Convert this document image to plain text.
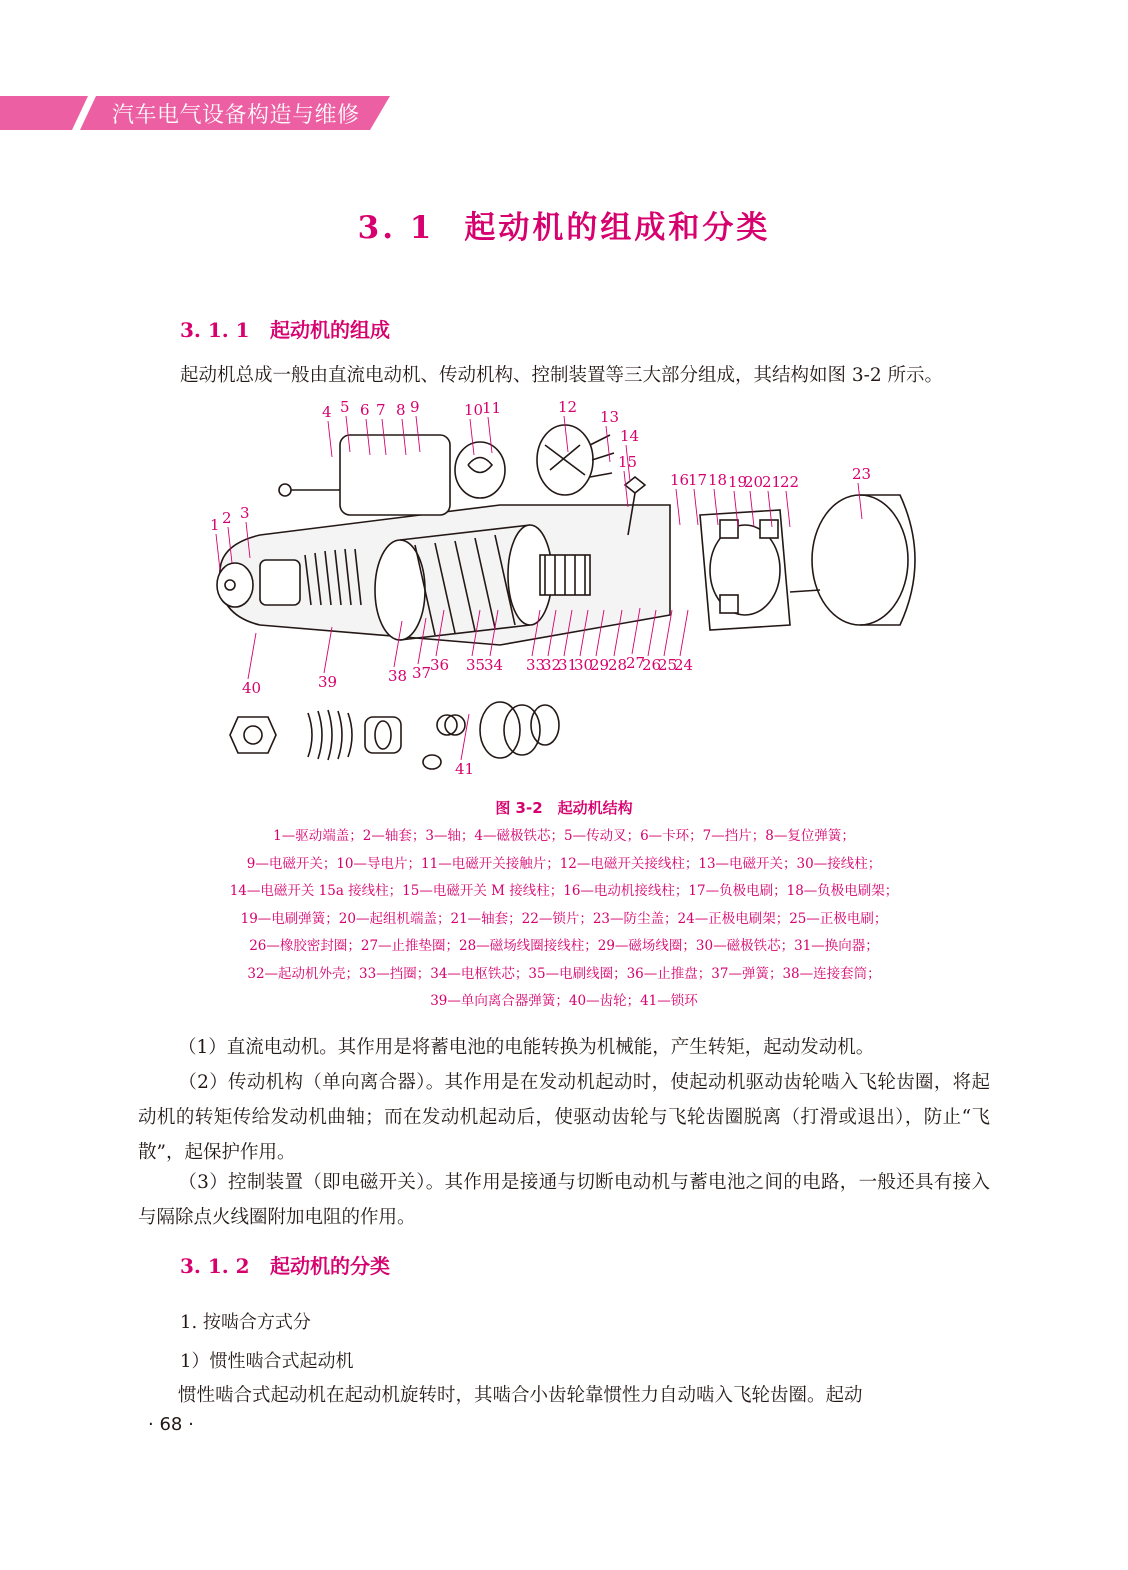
汽车电气设备构造与维修
3. 1 起动机的组成和分类
3. 1. 1 起动机的组成
起动机总成一般由直流电动机、传动机构、控制装置等三大部分组成，其结构如图 3-2 所示。
1 2 3
4 5 6 7 8 9	10
11	12
13
14
15
16
17 18 19
20
21
22	23
24
25
26
27
28
29
30
31
32
33
34
35
36
37
38
39
40
41
图 3-2　起动机结构
1—驱动端盖；2—轴套；3—轴；4—磁极铁芯；5—传动叉；6—卡环；7—挡片；8—复位弹簧；
9—电磁开关；10—导电片；11—电磁开关接触片；12—电磁开关接线柱；13—电磁开关；30—接线柱；
14—电磁开关 15a 接线柱；15—电磁开关 M 接线柱；16—电动机接线柱；17—负极电刷；18—负极电刷架；
19—电刷弹簧；20—起组机端盖；21—轴套；22—锁片；23—防尘盖；24—正极电刷架；25—正极电刷；
26—橡胶密封圈；27—止推垫圈；28—磁场线圈接线柱；29—磁场线圈；30—磁极铁芯；31—换向器；
32—起动机外壳；33—挡圈；34—电枢铁芯；35—电刷线圈；36—止推盘；37—弹簧；38—连接套筒；
39—单向离合器弹簧；40—齿轮；41—锁环
（1）直流电动机。其作用是将蓄电池的电能转换为机械能，产生转矩，起动发动机。
（2）传动机构（单向离合器）。其作用是在发动机起动时，使起动机驱动齿轮啮入飞轮齿圈，将起动机的转矩传给发动机曲轴；而在发动机起动后，使驱动齿轮与飞轮齿圈脱离（打滑或退出），防止“飞散”，起保护作用。
（3）控制装置（即电磁开关）。其作用是接通与切断电动机与蓄电池之间的电路，一般还具有接入与隔除点火线圈附加电阻的作用。
3. 1. 2 起动机的分类
1. 按啮合方式分
1）惯性啮合式起动机
惯性啮合式起动机在起动机旋转时，其啮合小齿轮靠惯性力自动啮入飞轮齿圈。起动
· 68 ·
